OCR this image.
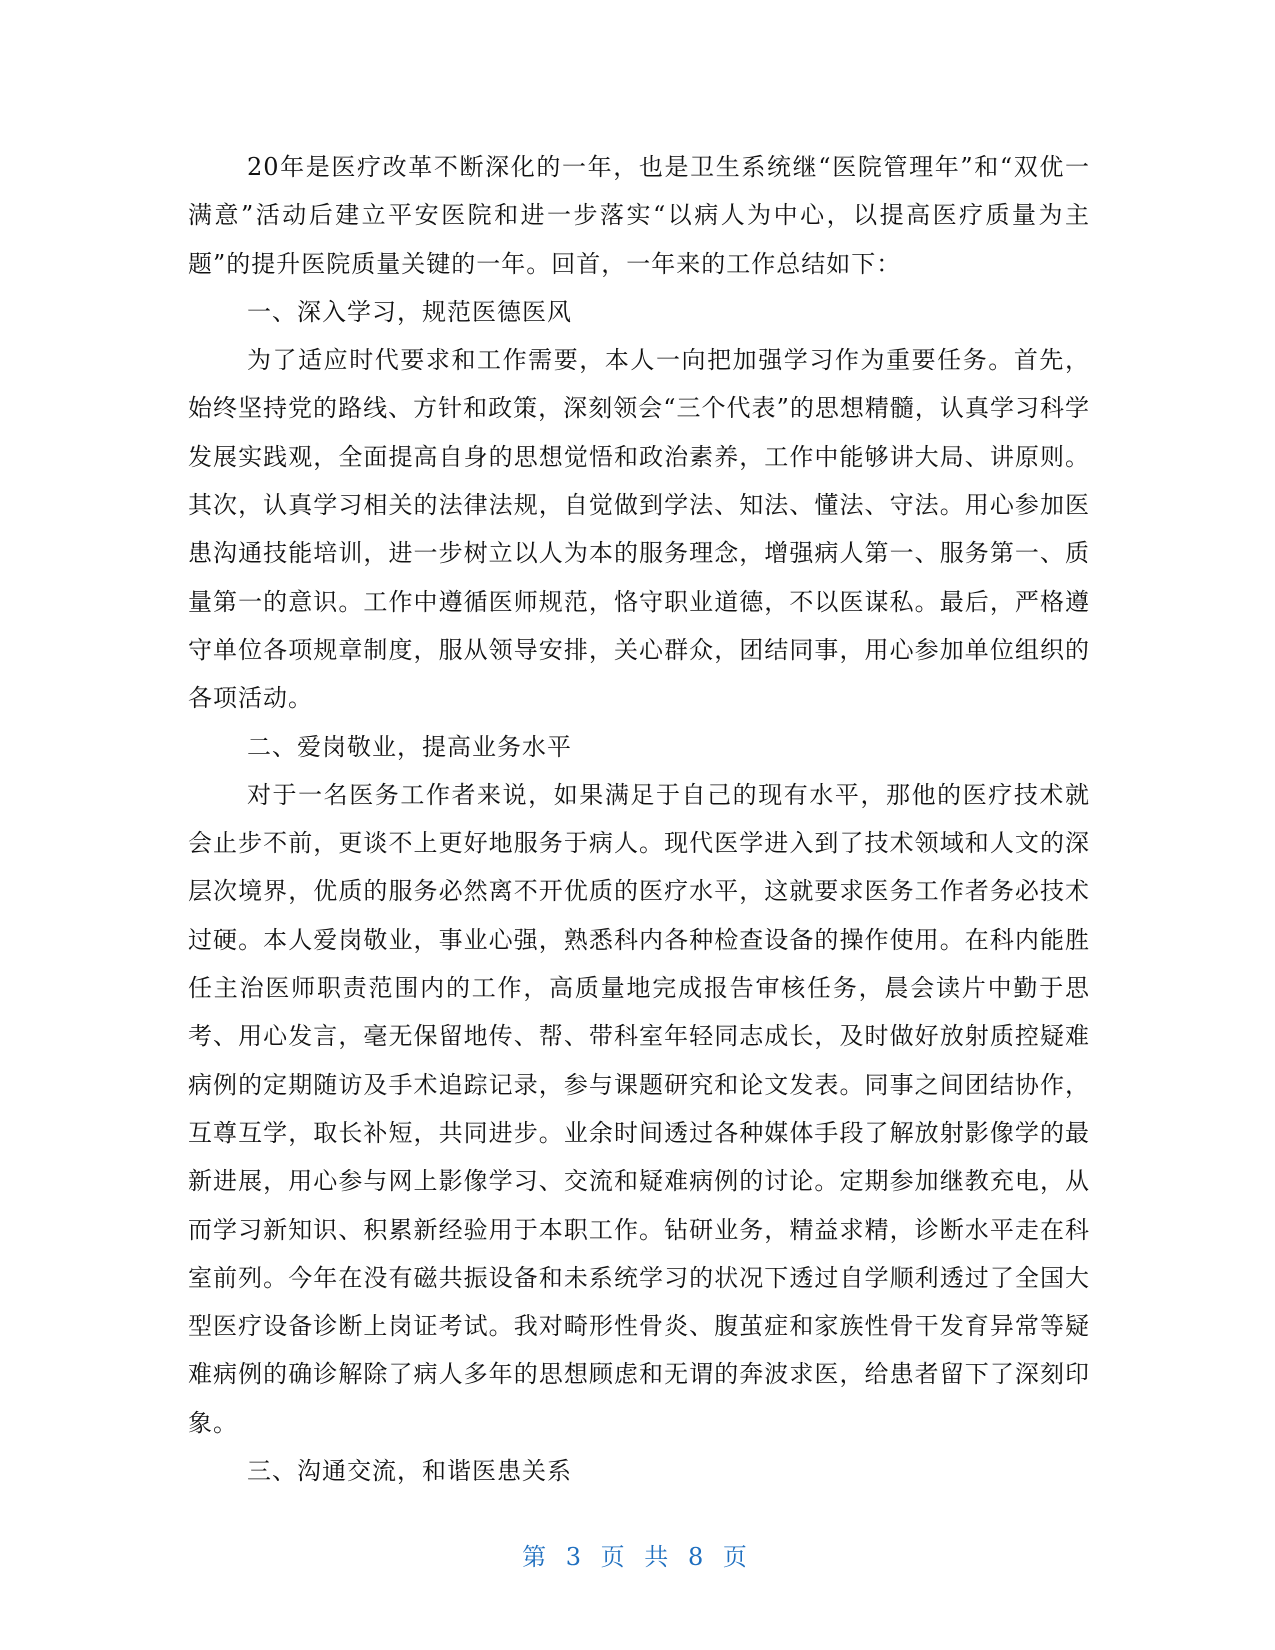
20年是医疗改革不断深化的一年，也是卫生系统继“医院管理年”和“双优一满意”活动后建立平安医院和进一步落实“以病人为中心，以提高医疗质量为主题”的提升医院质量关键的一年。回首，一年来的工作总结如下：

一、深入学习，规范医德医风

为了适应时代要求和工作需要，本人一向把加强学习作为重要任务。首先，始终坚持党的路线、方针和政策，深刻领会“三个代表”的思想精髓，认真学习科学发展实践观，全面提高自身的思想觉悟和政治素养，工作中能够讲大局、讲原则。其次，认真学习相关的法律法规，自觉做到学法、知法、懂法、守法。用心参加医患沟通技能培训，进一步树立以人为本的服务理念，增强病人第一、服务第一、质量第一的意识。工作中遵循医师规范，恪守职业道德，不以医谋私。最后，严格遵守单位各项规章制度，服从领导安排，关心群众，团结同事，用心参加单位组织的各项活动。

二、爱岗敬业，提高业务水平

对于一名医务工作者来说，如果满足于自己的现有水平，那他的医疗技术就会止步不前，更谈不上更好地服务于病人。现代医学进入到了技术领域和人文的深层次境界，优质的服务必然离不开优质的医疗水平，这就要求医务工作者务必技术过硬。本人爱岗敬业，事业心强，熟悉科内各种检查设备的操作使用。在科内能胜任主治医师职责范围内的工作，高质量地完成报告审核任务，晨会读片中勤于思考、用心发言，毫无保留地传、帮、带科室年轻同志成长，及时做好放射质控疑难病例的定期随访及手术追踪记录，参与课题研究和论文发表。同事之间团结协作，互尊互学，取长补短，共同进步。业余时间透过各种媒体手段了解放射影像学的最新进展，用心参与网上影像学习、交流和疑难病例的讨论。定期参加继教充电，从而学习新知识、积累新经验用于本职工作。钻研业务，精益求精，诊断水平走在科室前列。今年在没有磁共振设备和未系统学习的状况下透过自学顺利透过了全国大型医疗设备诊断上岗证考试。我对畸形性骨炎、腹茧症和家族性骨干发育异常等疑难病例的确诊解除了病人多年的思想顾虑和无谓的奔波求医，给患者留下了深刻印象。

三、沟通交流，和谐医患关系

第 3 页 共 8 页
